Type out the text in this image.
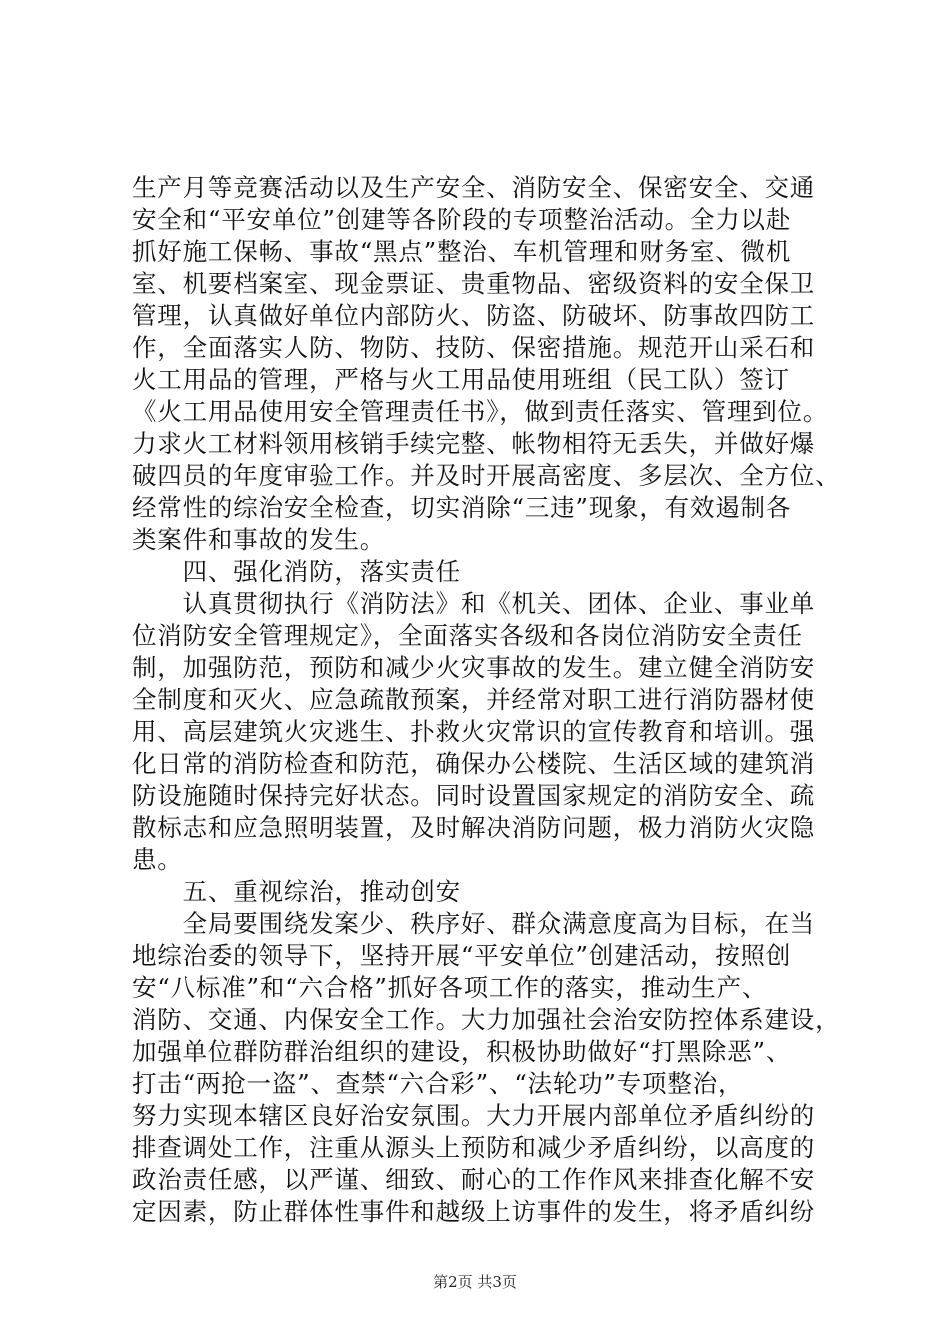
生产月等竞赛活动以及生产安全、消防安全、保密安全、交通
安全和“平安单位”创建等各阶段的专项整治活动。全力以赴
抓好施工保畅、事故“黑点”整治、车机管理和财务室、微机
室、机要档案室、现金票证、贵重物品、密级资料的安全保卫
管理，认真做好单位内部防火、防盗、防破坏、防事故四防工
作，全面落实人防、物防、技防、保密措施。规范开山采石和
火工用品的管理，严格与火工用品使用班组（民工队）签订
《火工用品使用安全管理责任书》，做到责任落实、管理到位。
力求火工材料领用核销手续完整、帐物相符无丢失，并做好爆
破四员的年度审验工作。并及时开展高密度、多层次、全方位、
经常性的综治安全检查，切实消除“三违”现象，有效遏制各
类案件和事故的发生。
　　四、强化消防，落实责任
　　认真贯彻执行《消防法》和《机关、团体、企业、事业单
位消防安全管理规定》，全面落实各级和各岗位消防安全责任
制，加强防范，预防和减少火灾事故的发生。建立健全消防安
全制度和灭火、应急疏散预案，并经常对职工进行消防器材使
用、高层建筑火灾逃生、扑救火灾常识的宣传教育和培训。强
化日常的消防检查和防范，确保办公楼院、生活区域的建筑消
防设施随时保持完好状态。同时设置国家规定的消防安全、疏
散标志和应急照明装置，及时解决消防问题，极力消防火灾隐
患。
　　五、重视综治，推动创安
　　全局要围绕发案少、秩序好、群众满意度高为目标，在当
地综治委的领导下，坚持开展“平安单位”创建活动，按照创
安“八标准”和“六合格”抓好各项工作的落实，推动生产、
消防、交通、内保安全工作。大力加强社会治安防控体系建设，
加强单位群防群治组织的建设，积极协助做好“打黑除恶”、
打击“两抢一盗”、查禁“六合彩”、“法轮功”专项整治，
努力实现本辖区良好治安氛围。大力开展内部单位矛盾纠纷的
排查调处工作，注重从源头上预防和减少矛盾纠纷，以高度的
政治责任感，以严谨、细致、耐心的工作作风来排查化解不安
定因素，防止群体性事件和越级上访事件的发生，将矛盾纠纷
第2页 共3页
